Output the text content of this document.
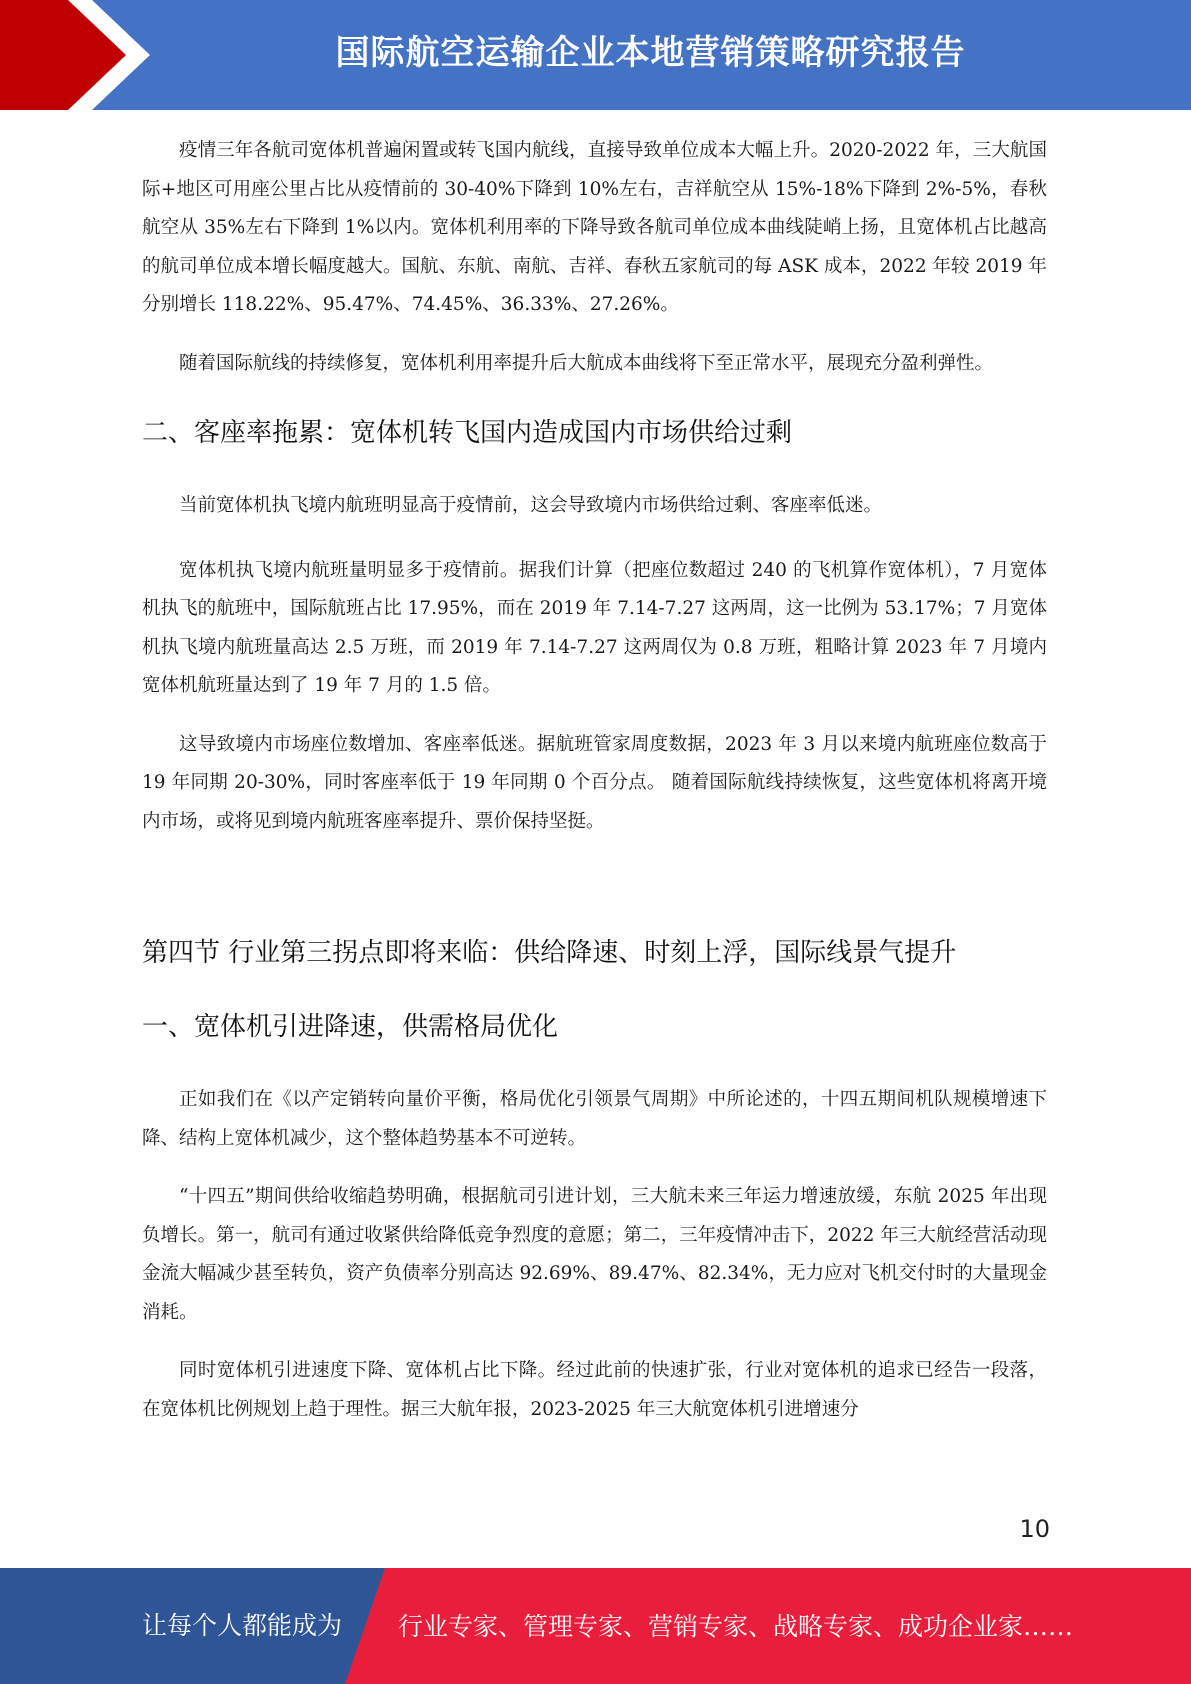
国际航空运输企业本地营销策略研究报告

疫情三年各航司宽体机普遍闲置或转飞国内航线，直接导致单位成本大幅上升。2020-2022 年，三大航国际+地区可用座公里占比从疫情前的 30-40%下降到 10%左右，吉祥航空从 15%-18%下降到 2%-5%，春秋航空从 35%左右下降到 1%以内。宽体机利用率的下降导致各航司单位成本曲线陡峭上扬，且宽体机占比越高的航司单位成本增长幅度越大。国航、东航、南航、吉祥、春秋五家航司的每 ASK 成本，2022 年较 2019 年分别增长 118.22%、95.47%、74.45%、36.33%、27.26%。

随着国际航线的持续修复，宽体机利用率提升后大航成本曲线将下至正常水平，展现充分盈利弹性。

二、客座率拖累：宽体机转飞国内造成国内市场供给过剩

当前宽体机执飞境内航班明显高于疫情前，这会导致境内市场供给过剩、客座率低迷。

宽体机执飞境内航班量明显多于疫情前。据我们计算（把座位数超过 240 的飞机算作宽体机），7 月宽体机执飞的航班中，国际航班占比 17.95%，而在 2019 年 7.14-7.27 这两周，这一比例为 53.17%；7 月宽体机执飞境内航班量高达 2.5 万班，而 2019 年 7.14-7.27 这两周仅为 0.8 万班，粗略计算 2023 年 7 月境内宽体机航班量达到了 19 年 7 月的 1.5 倍。

这导致境内市场座位数增加、客座率低迷。据航班管家周度数据，2023 年 3 月以来境内航班座位数高于 19 年同期 20-30%，同时客座率低于 19 年同期 0 个百分点。 随着国际航线持续恢复，这些宽体机将离开境内市场，或将见到境内航班客座率提升、票价保持坚挺。

第四节 行业第三拐点即将来临：供给降速、时刻上浮，国际线景气提升
一、宽体机引进降速，供需格局优化

正如我们在《以产定销转向量价平衡，格局优化引领景气周期》中所论述的，十四五期间机队规模增速下降、结构上宽体机减少，这个整体趋势基本不可逆转。

“十四五”期间供给收缩趋势明确，根据航司引进计划，三大航未来三年运力增速放缓，东航 2025 年出现负增长。第一，航司有通过收紧供给降低竞争烈度的意愿；第二，三年疫情冲击下，2022 年三大航经营活动现金流大幅减少甚至转负，资产负债率分别高达 92.69%、89.47%、82.34%，无力应对飞机交付时的大量现金消耗。

同时宽体机引进速度下降、宽体机占比下降。经过此前的快速扩张，行业对宽体机的追求已经告一段落，在宽体机比例规划上趋于理性。据三大航年报，2023-2025 年三大航宽体机引进增速分

10
让每个人都能成为 行业专家、管理专家、营销专家、战略专家、成功企业家……
